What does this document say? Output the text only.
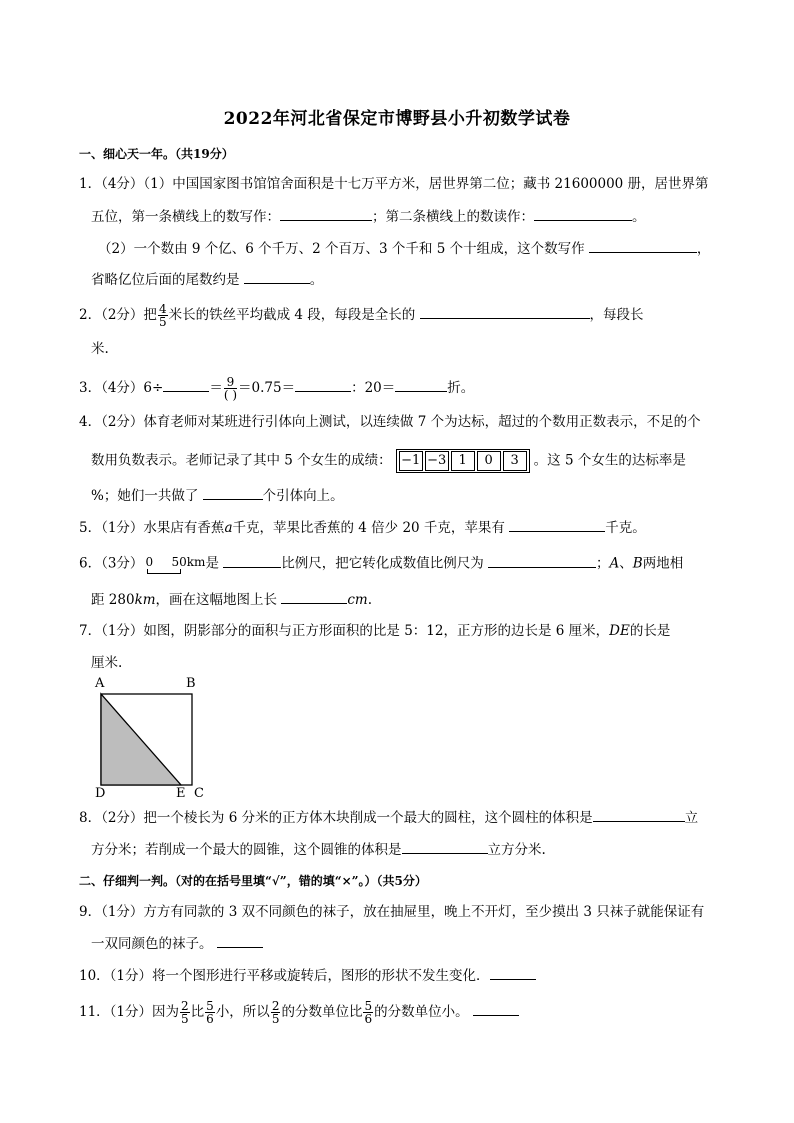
2022年河北省保定市博野县小升初数学试卷
一、细心天一年。（共19分）
1．（4分）（1）中国国家图书馆馆舍面积是十七万平方米，居世界第二位；藏书 21600000 册，居世界第
五位，第一条横线上的数写作：	；第二条横线上的数读作：	。
（2）一个数由 9 个亿、6 个千万、2 个百万、3 个千和 5 个十组成，这个数写作	，
省略亿位后面的尾数约是	。
2．（2分）把 $\frac{4}{5}$ 米长的铁丝平均截成 4 段，每段是全长的	，每段长
米.
3．（4分）6÷	＝ $\frac{9}{( )} =0.75=$	：20＝	折。
4．（2分）体育老师对某班进行引体向上测试，以连续做 7 个为达标，超过的个数用正数表示，不足的个
数用负数表示。老师记录了其中 5 个女生的成绩： −1 −3 1 0 3 。这 5 个女生的达标率是
%；她们一共做了	个引体向上。
5．（1分）水果店有香蕉a千克，苹果比香蕉的 4 倍少 20 千克，苹果有	千克。
6．（3分） 0 50km 是	比例尺，把它转化成数值比例尺为	；A、B两地相
距 280km，画在这幅地图上长	cm.
7．（1分）如图，阴影部分的面积与正方形面积的比是 5：12，正方形的边长是 6 厘米，DE的长是
厘米.
A	B
C
D	E
8．（2分）把一个棱长为 6 分米的正方体木块削成一个最大的圆柱，这个圆柱的体积是	立
方分米；若削成一个最大的圆锥，这个圆锥的体积是	立方分米.
二、仔细判一判。（对的在括号里填“√”，错的填“×”。）（共5分）
9．（1分）方方有同款的 3 双不同颜色的袜子，放在抽屉里，晚上不开灯，至少摸出 3 只袜子就能保证有
一双同颜色的袜子。
10．（1分）将一个图形进行平移或旋转后，图形的形状不发生变化．
11．（1分）因为 $\frac{2}{5}$ 比 $\frac{5}{6}$ 小，所以 $\frac{2}{5}$ 的分数单位比 $\frac{5}{6}$ 的分数单位小。
